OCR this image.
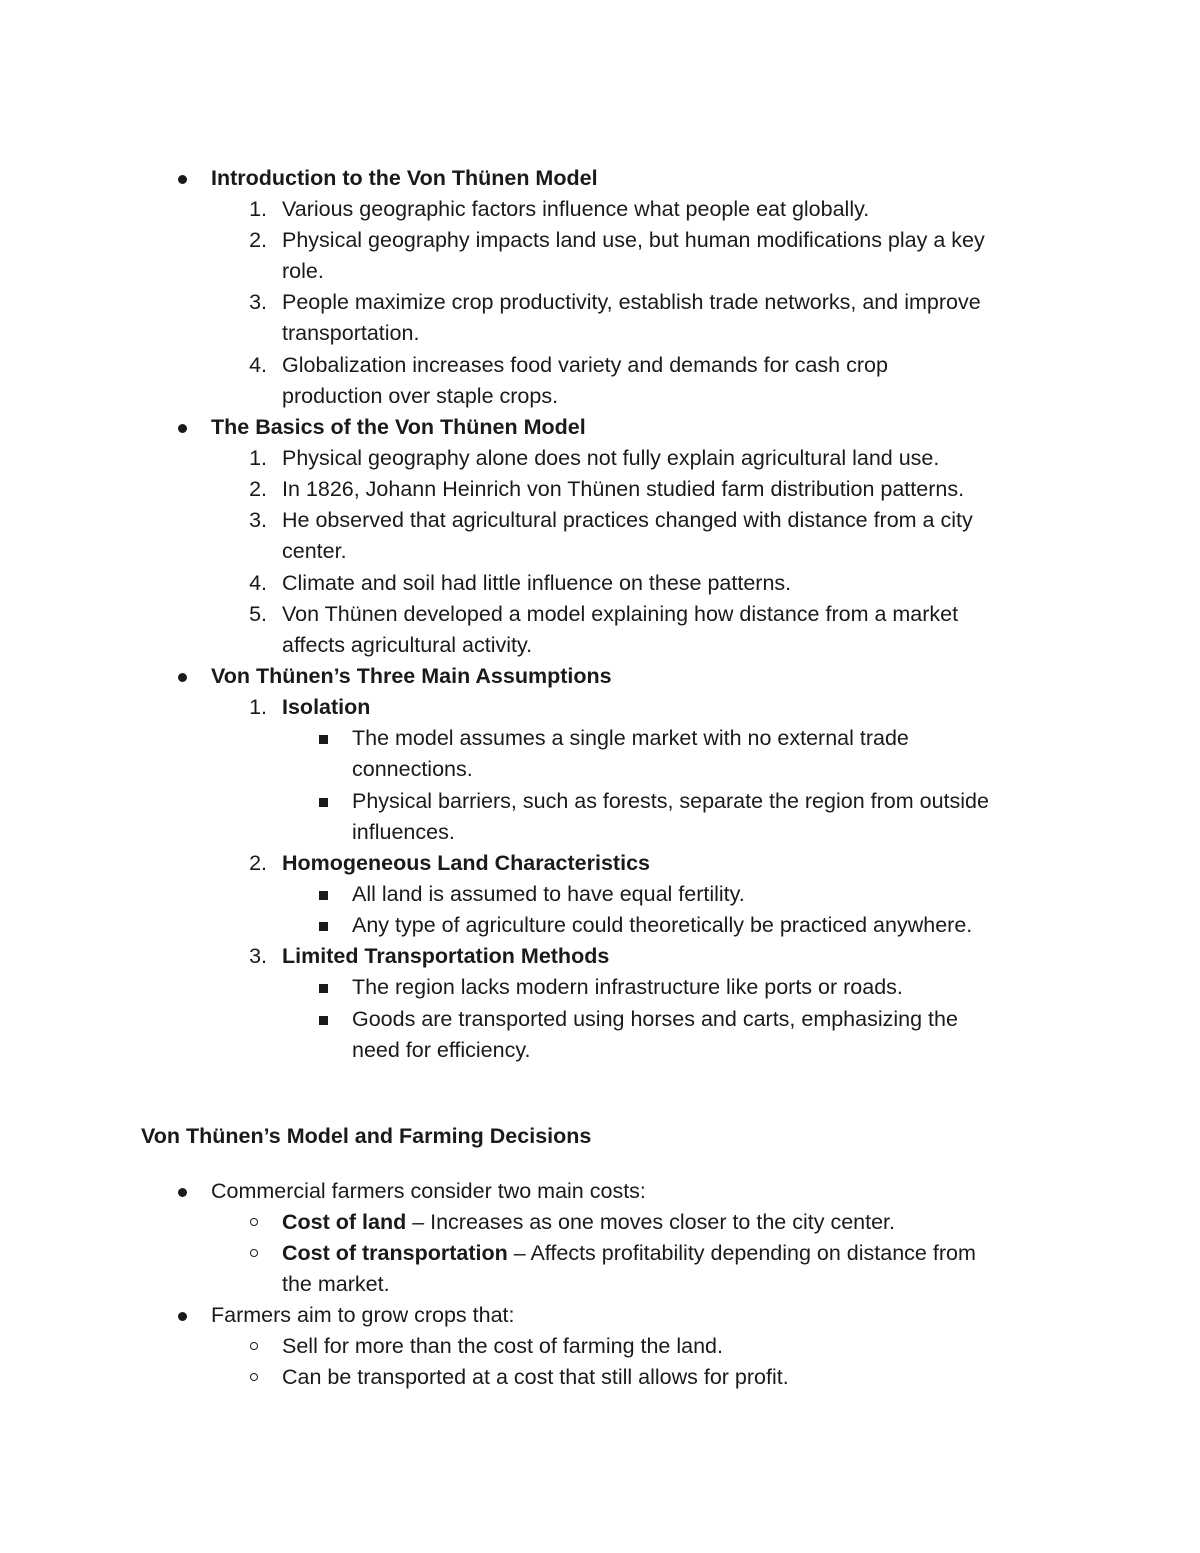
Introduction to the Von Thünen Model
1. Various geographic factors influence what people eat globally.
2. Physical geography impacts land use, but human modifications play a key
role.
3. People maximize crop productivity, establish trade networks, and improve
transportation.
4. Globalization increases food variety and demands for cash crop
production over staple crops.
The Basics of the Von Thünen Model
1. Physical geography alone does not fully explain agricultural land use.
2. In 1826, Johann Heinrich von Thünen studied farm distribution patterns.
3. He observed that agricultural practices changed with distance from a city
center.
4. Climate and soil had little influence on these patterns.
5. Von Thünen developed a model explaining how distance from a market
affects agricultural activity.
Von Thünen’s Three Main Assumptions
1. Isolation
The model assumes a single market with no external trade
connections.
Physical barriers, such as forests, separate the region from outside
influences.
2. Homogeneous Land Characteristics
All land is assumed to have equal fertility.
Any type of agriculture could theoretically be practiced anywhere.
3. Limited Transportation Methods
The region lacks modern infrastructure like ports or roads.
Goods are transported using horses and carts, emphasizing the
need for efficiency.
Von Thünen’s Model and Farming Decisions
Commercial farmers consider two main costs:
Cost of land – Increases as one moves closer to the city center.
Cost of transportation – Affects profitability depending on distance from
the market.
Farmers aim to grow crops that:
Sell for more than the cost of farming the land.
Can be transported at a cost that still allows for profit.
